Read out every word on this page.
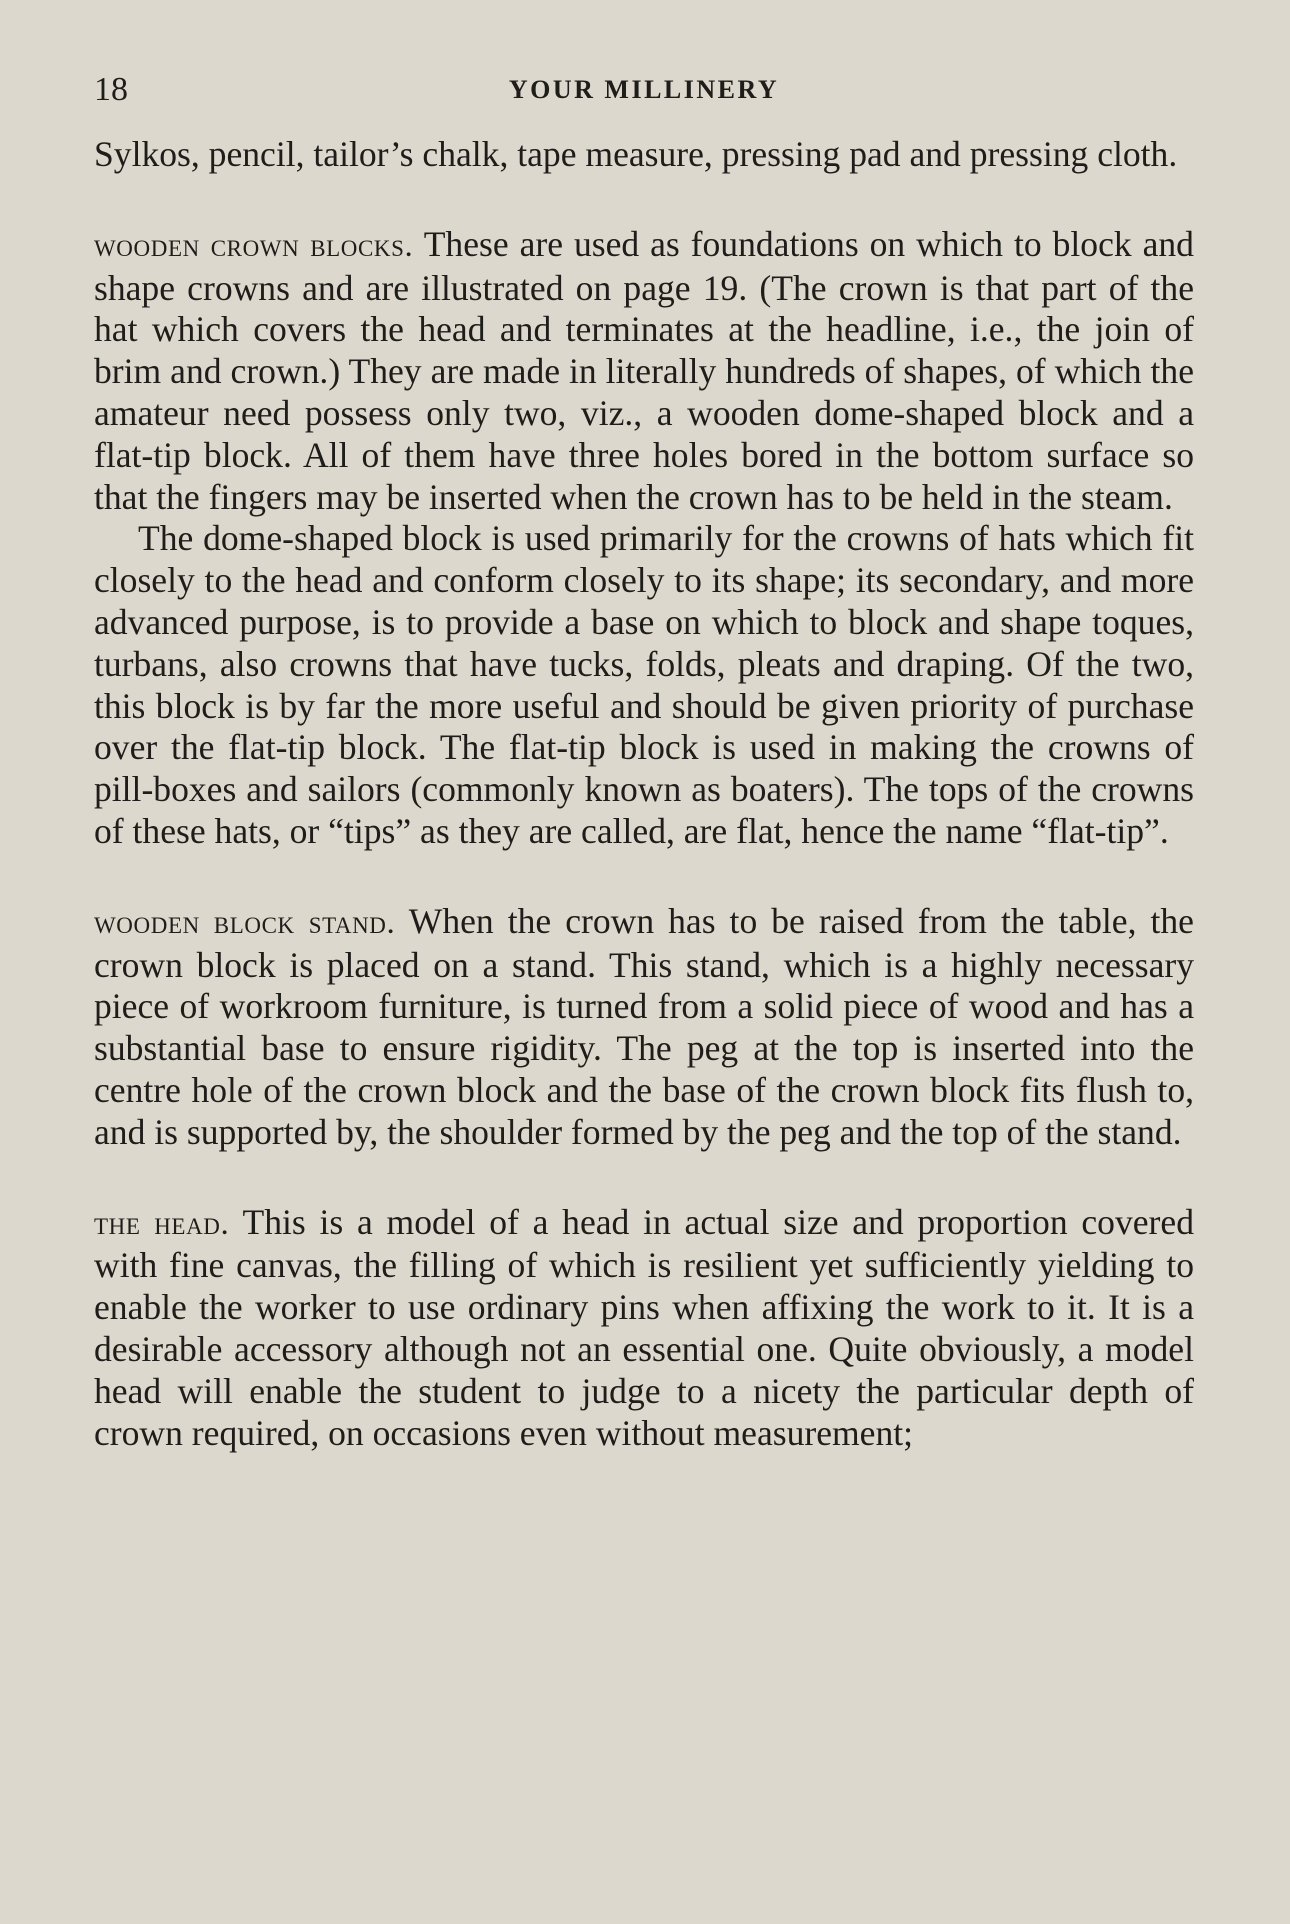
18	YOUR MILLINERY

Sylkos, pencil, tailor’s chalk, tape measure, pressing pad and pressing cloth.

wooden crown blocks. These are used as foundations on which to block and shape crowns and are illustrated on page 19. (The crown is that part of the hat which covers the head and terminates at the headline, i.e., the join of brim and crown.) They are made in literally hundreds of shapes, of which the amateur need possess only two, viz., a wooden dome-shaped block and a flat-tip block. All of them have three holes bored in the bottom surface so that the fingers may be inserted when the crown has to be held in the steam.

The dome-shaped block is used primarily for the crowns of hats which fit closely to the head and conform closely to its shape; its secondary, and more advanced purpose, is to provide a base on which to block and shape toques, turbans, also crowns that have tucks, folds, pleats and draping. Of the two, this block is by far the more useful and should be given priority of purchase over the flat-tip block. The flat-tip block is used in making the crowns of pill-boxes and sailors (commonly known as boaters). The tops of the crowns of these hats, or “tips” as they are called, are flat, hence the name “flat-tip”.

wooden block stand. When the crown has to be raised from the table, the crown block is placed on a stand. This stand, which is a highly necessary piece of workroom furniture, is turned from a solid piece of wood and has a substantial base to ensure rigidity. The peg at the top is inserted into the centre hole of the crown block and the base of the crown block fits flush to, and is supported by, the shoulder formed by the peg and the top of the stand.

the head. This is a model of a head in actual size and proportion covered with fine canvas, the filling of which is resilient yet sufficiently yielding to enable the worker to use ordinary pins when affixing the work to it. It is a desirable accessory although not an essential one. Quite obviously, a model head will enable the student to judge to a nicety the particular depth of crown required, on occasions even without measurement;
